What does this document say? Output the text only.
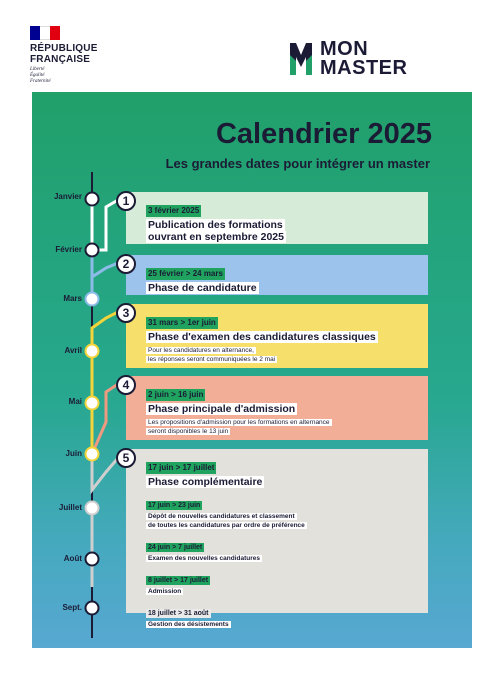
RÉPUBLIQUE
FRANÇAISE
Liberté
Égalité
Fraternité
MON
MASTER
Calendrier 2025
Les grandes dates pour intégrer un master
Janvier
Février
Mars
Avril
Mai
Juin
Juillet
Août
Sept.
3 février 2025
Publication des formations
ouvrant en septembre 2025
1
25 février > 24 mars
Phase de candidature
2
31 mars > 1er juin
Phase d'examen des candidatures classiques
Pour les candidatures en alternance,
les réponses seront communiquées le 2 mai
3
2 juin > 16 juin
Phase principale d'admission
Les propositions d'admission pour les formations en alternance
seront disponibles le 13 juin
4
17 juin > 17 juillet
Phase complémentaire
17 juin > 23 juin
Dépôt de nouvelles candidatures et classement
de toutes les candidatures par ordre de préférence
24 juin > 7 juillet
Examen des nouvelles candidatures
8 juillet > 17 juillet
Admission
18 juillet > 31 août
Gestion des désistements
5
